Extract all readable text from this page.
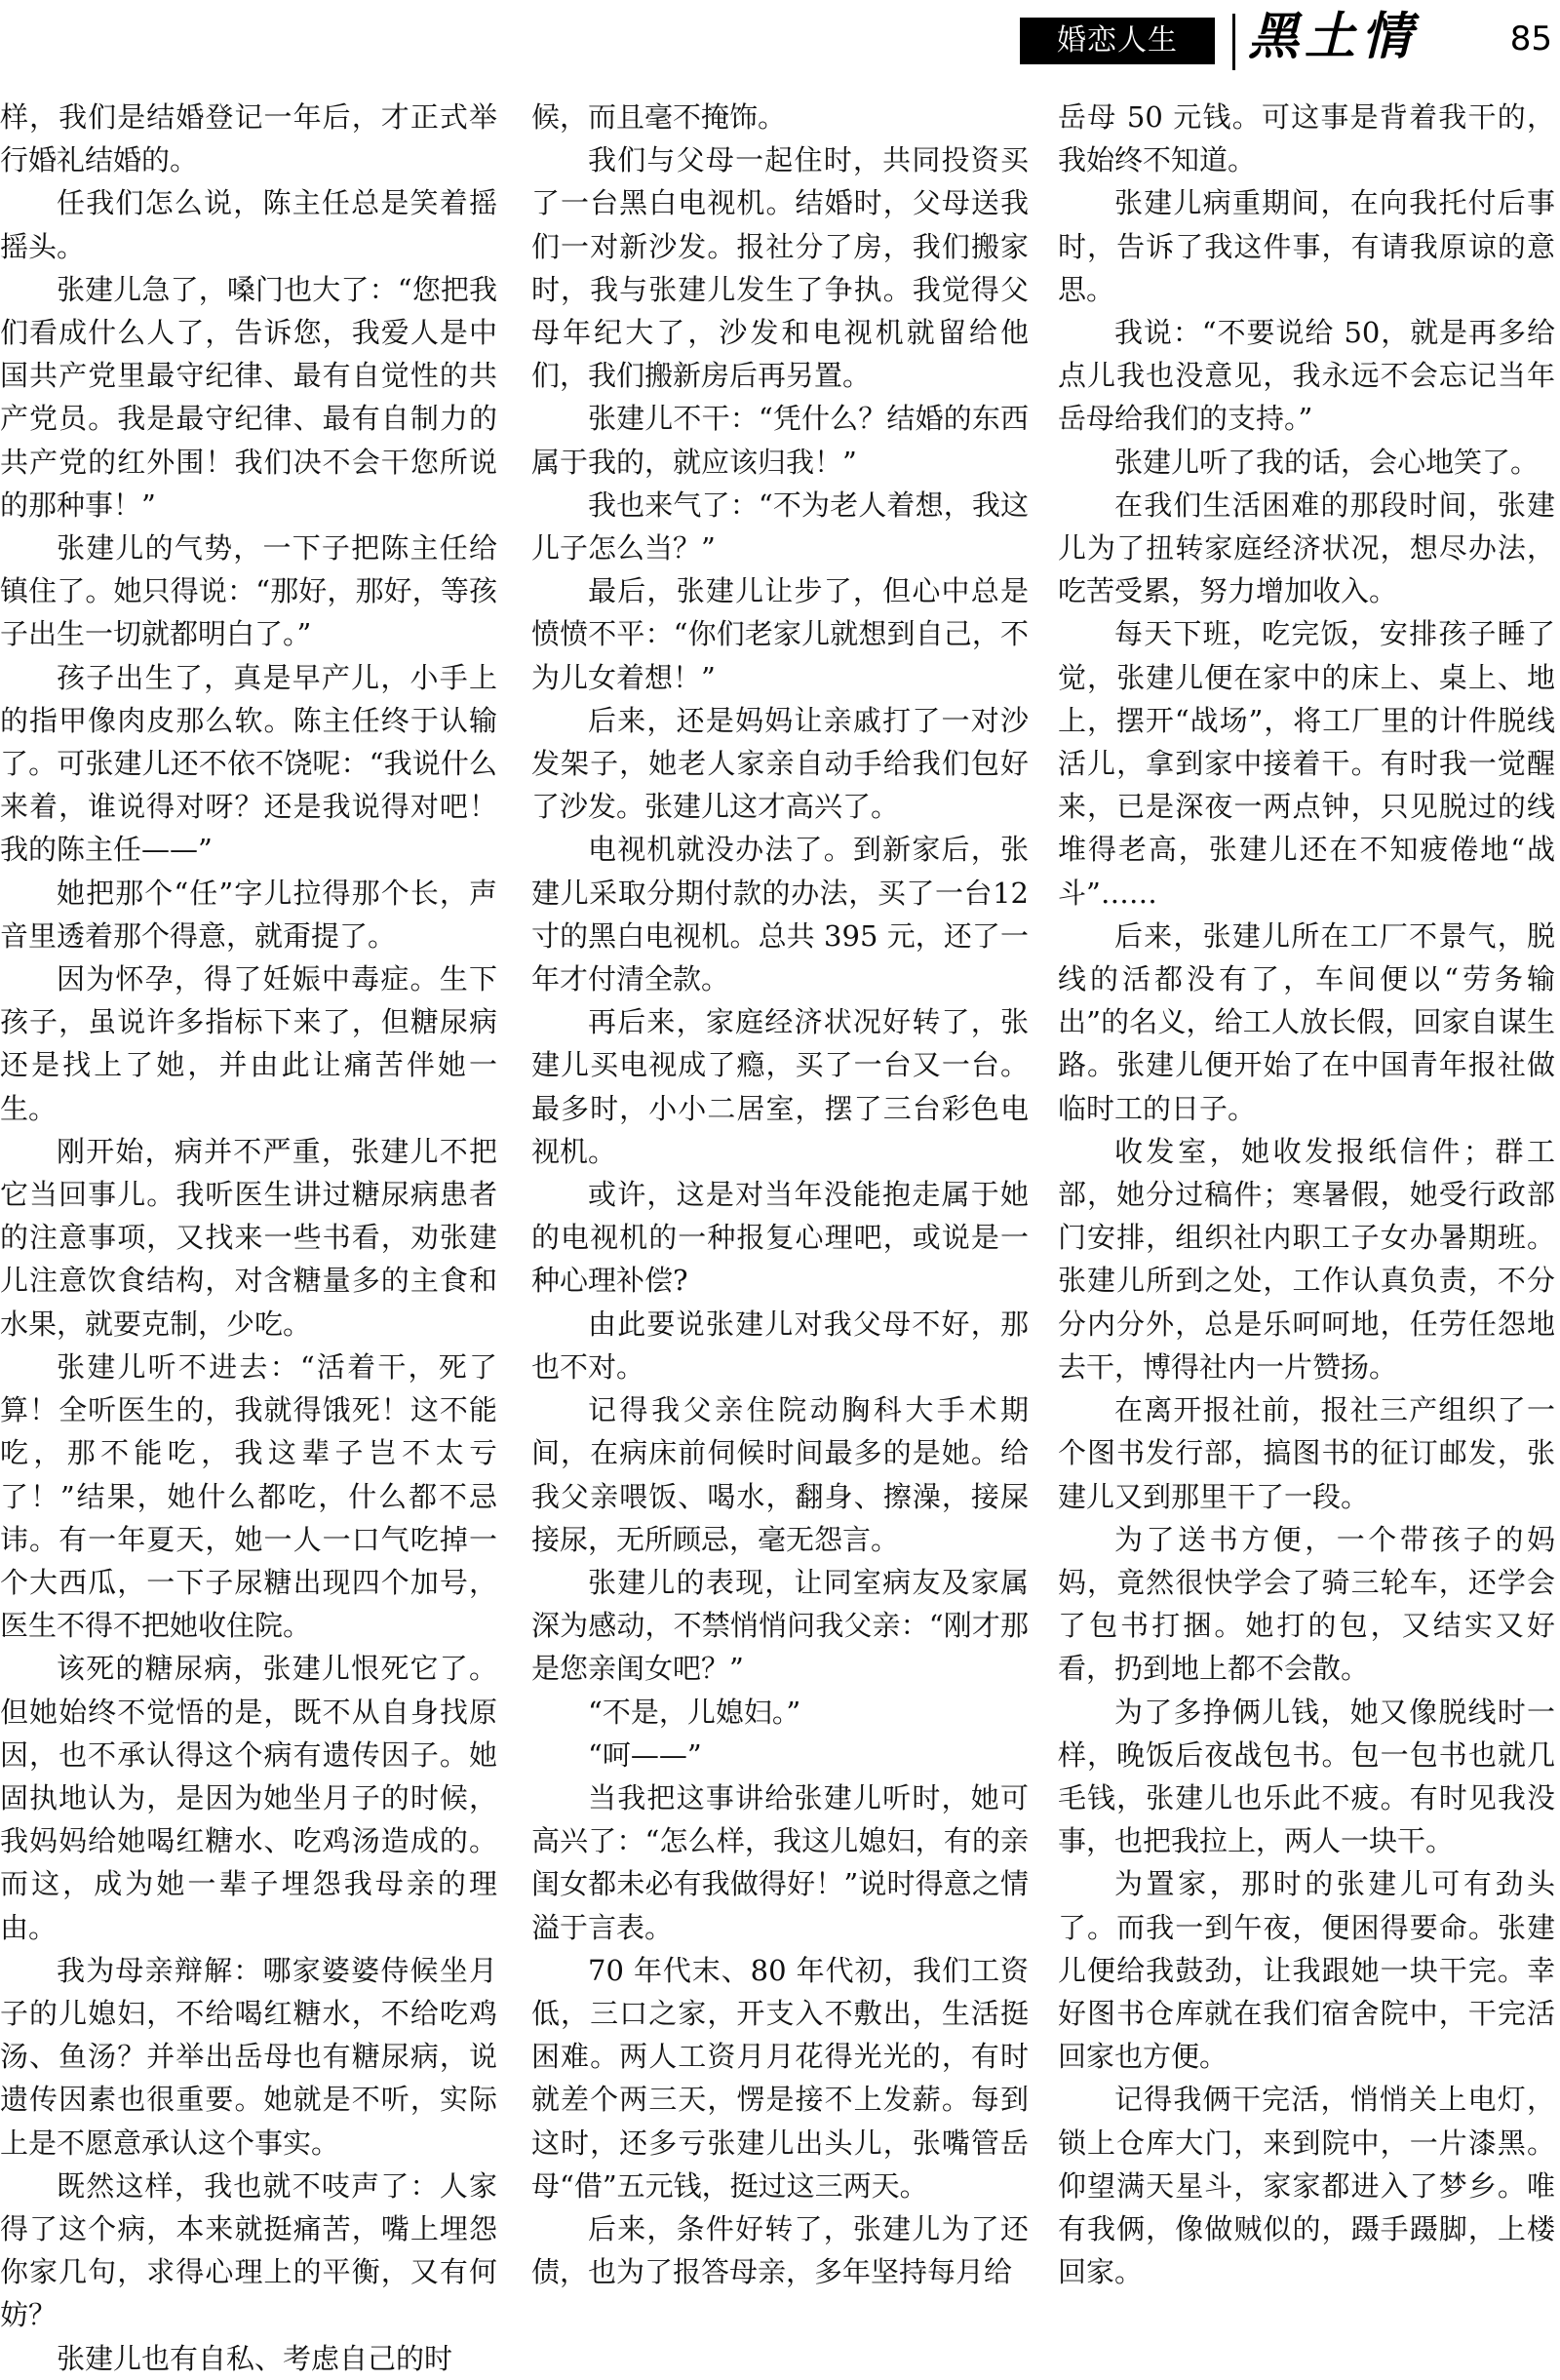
婚恋人生	黑土情	85

样，我们是结婚登记一年后，才正式举行婚礼结婚的。

任我们怎么说，陈主任总是笑着摇摇头。

张建儿急了，嗓门也大了：“您把我们看成什么人了，告诉您，我爱人是中国共产党里最守纪律、最有自觉性的共产党员。我是最守纪律、最有自制力的共产党的红外围！我们决不会干您所说的那种事！”

张建儿的气势，一下子把陈主任给镇住了。她只得说：“那好，那好，等孩子出生一切就都明白了。”

孩子出生了，真是早产儿，小手上的指甲像肉皮那么软。陈主任终于认输了。可张建儿还不依不饶呢：“我说什么来着，谁说得对呀？还是我说得对吧！我的陈主任——”

她把那个“任”字儿拉得那个长，声音里透着那个得意，就甭提了。

因为怀孕，得了妊娠中毒症。生下孩子，虽说许多指标下来了，但糖尿病还是找上了她，并由此让痛苦伴她一生。

刚开始，病并不严重，张建儿不把它当回事儿。我听医生讲过糖尿病患者的注意事项，又找来一些书看，劝张建儿注意饮食结构，对含糖量多的主食和水果，就要克制，少吃。

张建儿听不进去：“活着干，死了算！全听医生的，我就得饿死！这不能吃，那不能吃，我这辈子岂不太亏了！”结果，她什么都吃，什么都不忌讳。有一年夏天，她一人一口气吃掉一个大西瓜，一下子尿糖出现四个加号，医生不得不把她收住院。

该死的糖尿病，张建儿恨死它了。但她始终不觉悟的是，既不从自身找原因，也不承认得这个病有遗传因子。她固执地认为，是因为她坐月子的时候，我妈妈给她喝红糖水、吃鸡汤造成的。而这，成为她一辈子埋怨我母亲的理由。

我为母亲辩解：哪家婆婆侍候坐月子的儿媳妇，不给喝红糖水，不给吃鸡汤、鱼汤？并举出岳母也有糖尿病，说遗传因素也很重要。她就是不听，实际上是不愿意承认这个事实。

既然这样，我也就不吱声了：人家得了这个病，本来就挺痛苦，嘴上埋怨你家几句，求得心理上的平衡，又有何妨？

张建儿也有自私、考虑自己的时

候，而且毫不掩饰。

我们与父母一起住时，共同投资买了一台黑白电视机。结婚时，父母送我们一对新沙发。报社分了房，我们搬家时，我与张建儿发生了争执。我觉得父母年纪大了，沙发和电视机就留给他们，我们搬新房后再另置。

张建儿不干：“凭什么？结婚的东西属于我的，就应该归我！”

我也来气了：“不为老人着想，我这儿子怎么当？”

最后，张建儿让步了，但心中总是愤愤不平：“你们老家儿就想到自己，不为儿女着想！”

后来，还是妈妈让亲戚打了一对沙发架子，她老人家亲自动手给我们包好了沙发。张建儿这才高兴了。

电视机就没办法了。到新家后，张建儿采取分期付款的办法，买了一台12 寸的黑白电视机。总共 395 元，还了一年才付清全款。

再后来，家庭经济状况好转了，张建儿买电视成了瘾，买了一台又一台。最多时，小小二居室，摆了三台彩色电视机。

或许，这是对当年没能抱走属于她的电视机的一种报复心理吧，或说是一种心理补偿?

由此要说张建儿对我父母不好，那也不对。

记得我父亲住院动胸科大手术期间，在病床前伺候时间最多的是她。给我父亲喂饭、喝水，翻身、擦澡，接屎接尿，无所顾忌，毫无怨言。

张建儿的表现，让同室病友及家属深为感动，不禁悄悄问我父亲：“刚才那是您亲闺女吧？”

“不是，儿媳妇。”

“呵——”

当我把这事讲给张建儿听时，她可高兴了：“怎么样，我这儿媳妇，有的亲闺女都未必有我做得好！”说时得意之情溢于言表。

70 年代末、80 年代初，我们工资低，三口之家，开支入不敷出，生活挺困难。两人工资月月花得光光的，有时就差个两三天，愣是接不上发薪。每到这时，还多亏张建儿出头儿，张嘴管岳母“借”五元钱，挺过这三两天。

后来，条件好转了，张建儿为了还债，也为了报答母亲，多年坚持每月给

岳母 50 元钱。可这事是背着我干的，我始终不知道。

张建儿病重期间，在向我托付后事时，告诉了我这件事，有请我原谅的意思。

我说：“不要说给 50，就是再多给点儿我也没意见，我永远不会忘记当年岳母给我们的支持。”

张建儿听了我的话，会心地笑了。

在我们生活困难的那段时间，张建儿为了扭转家庭经济状况，想尽办法，吃苦受累，努力增加收入。

每天下班，吃完饭，安排孩子睡了觉，张建儿便在家中的床上、桌上、地上，摆开“战场”，将工厂里的计件脱线活儿，拿到家中接着干。有时我一觉醒来，已是深夜一两点钟，只见脱过的线堆得老高，张建儿还在不知疲倦地“战斗”……

后来，张建儿所在工厂不景气，脱线的活都没有了，车间便以“劳务输出”的名义，给工人放长假，回家自谋生路。张建儿便开始了在中国青年报社做临时工的日子。

收发室，她收发报纸信件；群工部，她分过稿件；寒暑假，她受行政部门安排，组织社内职工子女办暑期班。张建儿所到之处，工作认真负责，不分分内分外，总是乐呵呵地，任劳任怨地去干，博得社内一片赞扬。

在离开报社前，报社三产组织了一个图书发行部，搞图书的征订邮发，张建儿又到那里干了一段。

为了送书方便，一个带孩子的妈妈，竟然很快学会了骑三轮车，还学会了包书打捆。她打的包，又结实又好看，扔到地上都不会散。

为了多挣俩儿钱，她又像脱线时一样，晚饭后夜战包书。包一包书也就几毛钱，张建儿也乐此不疲。有时见我没事，也把我拉上，两人一块干。

为置家，那时的张建儿可有劲头了。而我一到午夜，便困得要命。张建儿便给我鼓劲，让我跟她一块干完。幸好图书仓库就在我们宿舍院中，干完活回家也方便。

记得我俩干完活，悄悄关上电灯，锁上仓库大门，来到院中，一片漆黑。仰望满天星斗，家家都进入了梦乡。唯有我俩，像做贼似的，蹑手蹑脚，上楼回家。
